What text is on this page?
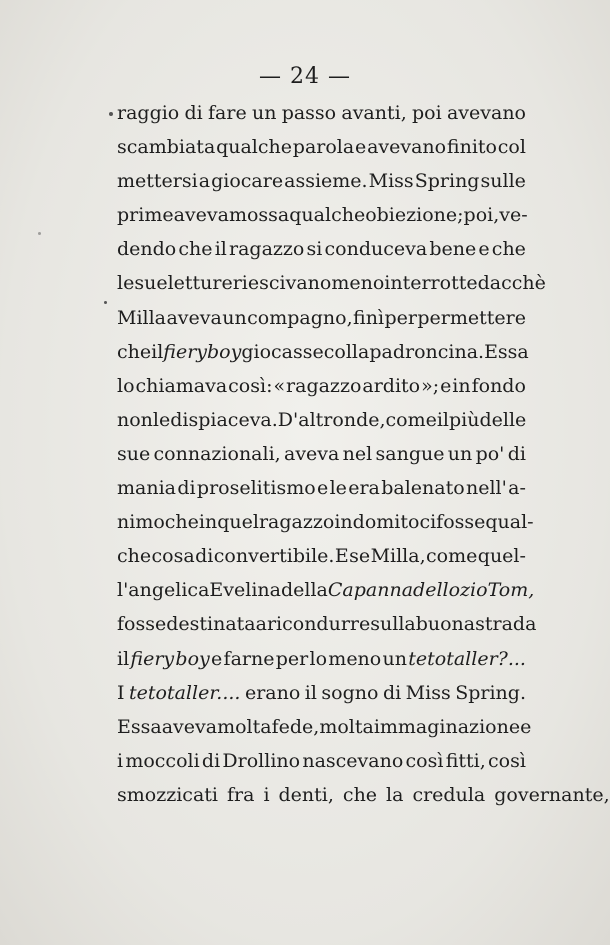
— 24 —
raggio di fare un passo avanti, poi avevano
scambiata qualche parola e avevano finito col
mettersi a giocare assieme. Miss Spring sulle
prime aveva mossa qualche obiezione; poi, ve-
dendo che il ragazzo si conduceva bene e che
le sue letture riescivano meno interrotte dacchè
Milla aveva un compagno, finì per permettere
che il fiery boy giocasse colla padroncina. Essa
lo chiamava così: « ragazzo ardito »; e in fondo
non le dispiaceva. D' altronde, come il più delle
sue connazionali, aveva nel sangue un po' di
mania di proselitismo e le era balenato nell' a-
nimo che in quel ragazzo indomito ci fosse qual-
che cosa di convertibile. E se Milla, come quel-
l'angelica Evelina della Capanna dello zio Tom,
fosse destinata a ricondurre sulla buona strada
il fiery boy e farne per lo meno un tetotaller?...
I tetotaller.... erano il sogno di Miss Spring.
Essa aveva molta fede, molta immaginazione e
i moccoli di Drollino nascevano così fitti, così
smozzicati fra i denti, che la credula governante,
